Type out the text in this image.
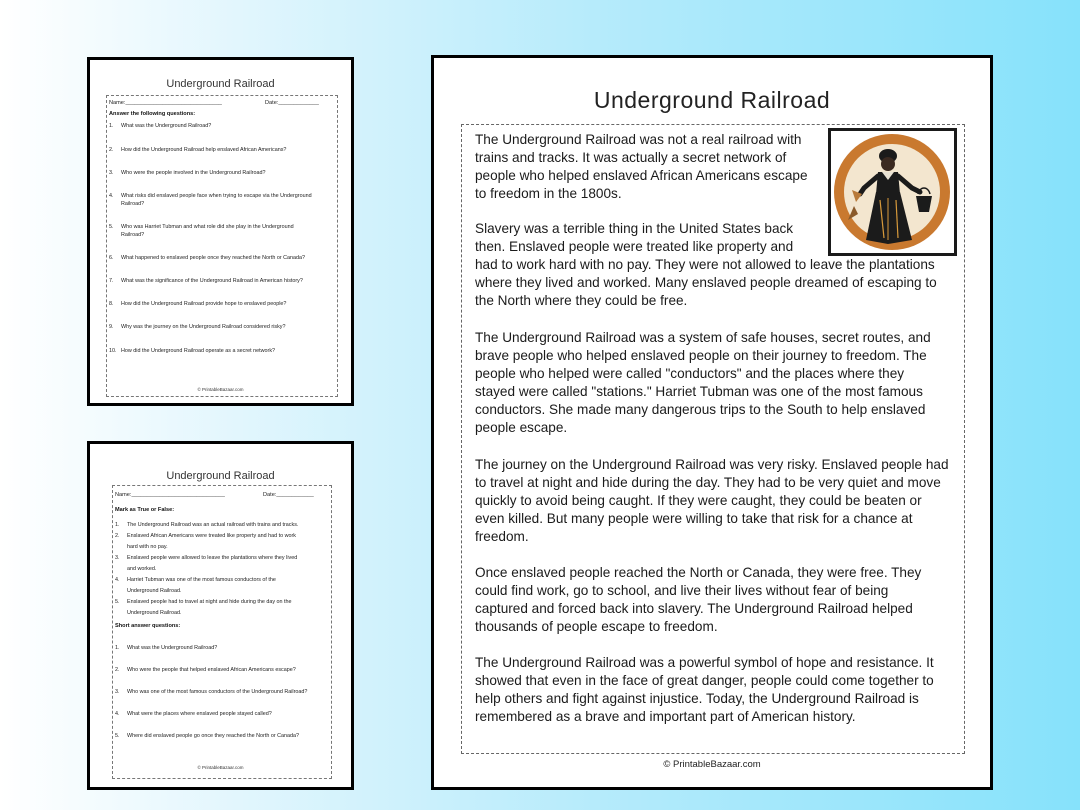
Underground Railroad
Name:_______________________________	Date:_____________
Answer the following questions:
1. What was the Underground Railroad?
2. How did the Underground Railroad help enslaved African Americans?
3. Who were the people involved in the Underground Railroad?
4. What risks did enslaved people face when trying to escape via the Underground
Railroad?
5. Who was Harriet Tubman and what role did she play in the Underground
Railroad?
6. What happened to enslaved people once they reached the North or Canada?
7. What was the significance of the Underground Railroad in American history?
8. How did the Underground Railroad provide hope to enslaved people?
9. Why was the journey on the Underground Railroad considered risky?
10. How did the Underground Railroad operate as a secret network?
© PrintableBazaar.com
Underground Railroad
Name:______________________________	Date:____________
Mark as True or False:
1. The Underground Railroad was an actual railroad with trains and tracks.
2. Enslaved African Americans were treated like property and had to work
hard with no pay.
3. Enslaved people were allowed to leave the plantations where they lived
and worked.
4. Harriet Tubman was one of the most famous conductors of the
Underground Railroad.
5. Enslaved people had to travel at night and hide during the day on the
Underground Railroad.
Short answer questions:
1. What was the Underground Railroad?
2. Who were the people that helped enslaved African Americans escape?
3. Who was one of the most famous conductors of the Underground Railroad?
4. What were the places where enslaved people stayed called?
5. Where did enslaved people go once they reached the North or Canada?
© PrintableBazaar.com
Underground Railroad
The Underground Railroad was not a real railroad with
trains and tracks. It was actually a secret network of
people who helped enslaved African Americans escape
to freedom in the 1800s.
Slavery was a terrible thing in the United States back
then. Enslaved people were treated like property and
had to work hard with no pay. They were not allowed to leave the plantations
where they lived and worked. Many enslaved people dreamed of escaping to
the North where they could be free.
The Underground Railroad was a system of safe houses, secret routes, and
brave people who helped enslaved people on their journey to freedom. The
people who helped were called "conductors" and the places where they
stayed were called "stations." Harriet Tubman was one of the most famous
conductors. She made many dangerous trips to the South to help enslaved
people escape.
The journey on the Underground Railroad was very risky. Enslaved people had
to travel at night and hide during the day. They had to be very quiet and move
quickly to avoid being caught. If they were caught, they could be beaten or
even killed. But many people were willing to take that risk for a chance at
freedom.
Once enslaved people reached the North or Canada, they were free. They
could find work, go to school, and live their lives without fear of being
captured and forced back into slavery. The Underground Railroad helped
thousands of people escape to freedom.
The Underground Railroad was a powerful symbol of hope and resistance. It
showed that even in the face of great danger, people could come together to
help others and fight against injustice. Today, the Underground Railroad is
remembered as a brave and important part of American history.
© PrintableBazaar.com
